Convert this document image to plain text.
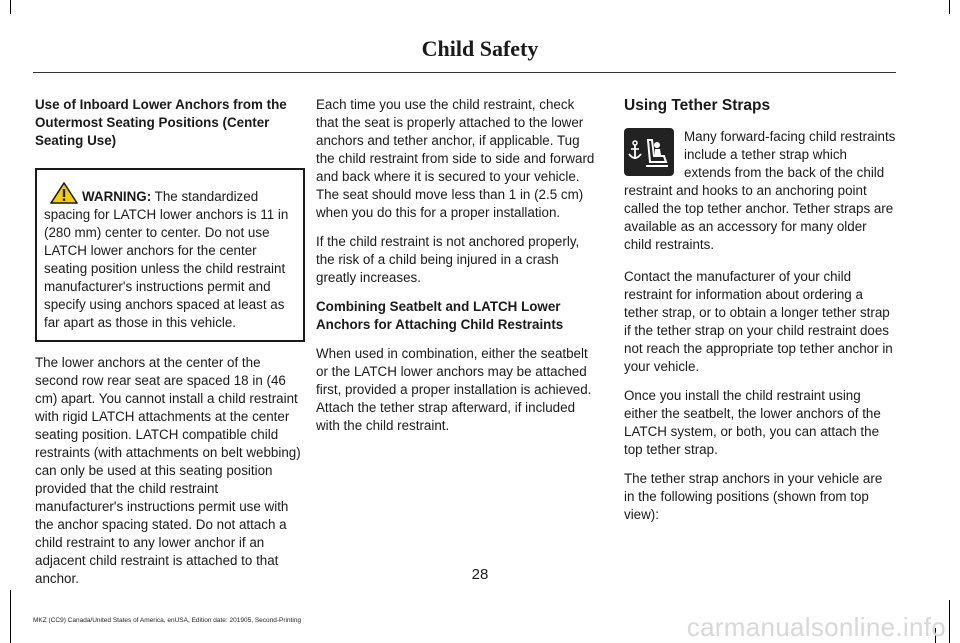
Child Safety
Use of Inboard Lower Anchors from the Outermost Seating Positions (Center Seating Use)
WARNING: The standardized spacing for LATCH lower anchors is 11 in (280 mm) center to center. Do not use LATCH lower anchors for the center seating position unless the child restraint manufacturer's instructions permit and specify using anchors spaced at least as far apart as those in this vehicle.

The lower anchors at the center of the second row rear seat are spaced 18 in (46 cm) apart. You cannot install a child restraint with rigid LATCH attachments at the center seating position. LATCH compatible child restraints (with attachments on belt webbing) can only be used at this seating position provided that the child restraint manufacturer's instructions permit use with the anchor spacing stated. Do not attach a child restraint to any lower anchor if an adjacent child restraint is attached to that anchor.

Each time you use the child restraint, check that the seat is properly attached to the lower anchors and tether anchor, if applicable. Tug the child restraint from side to side and forward and back where it is secured to your vehicle. The seat should move less than 1 in (2.5 cm) when you do this for a proper installation.

If the child restraint is not anchored properly, the risk of a child being injured in a crash greatly increases.

Combining Seatbelt and LATCH Lower Anchors for Attaching Child Restraints

When used in combination, either the seatbelt or the LATCH lower anchors may be attached first, provided a proper installation is achieved. Attach the tether strap afterward, if included with the child restraint.

Using Tether Straps

Many forward-facing child restraints include a tether strap which extends from the back of the child restraint and hooks to an anchoring point called the top tether anchor. Tether straps are available as an accessory for many older child restraints.

Contact the manufacturer of your child restraint for information about ordering a tether strap, or to obtain a longer tether strap if the tether strap on your child restraint does not reach the appropriate top tether anchor in your vehicle.

Once you install the child restraint using either the seatbelt, the lower anchors of the LATCH system, or both, you can attach the top tether strap.

The tether strap anchors in your vehicle are in the following positions (shown from top view):

28
MKZ (CC9) Canada/United States of America, enUSA, Edition date: 201905, Second-Printing	carmanualsonline.info
